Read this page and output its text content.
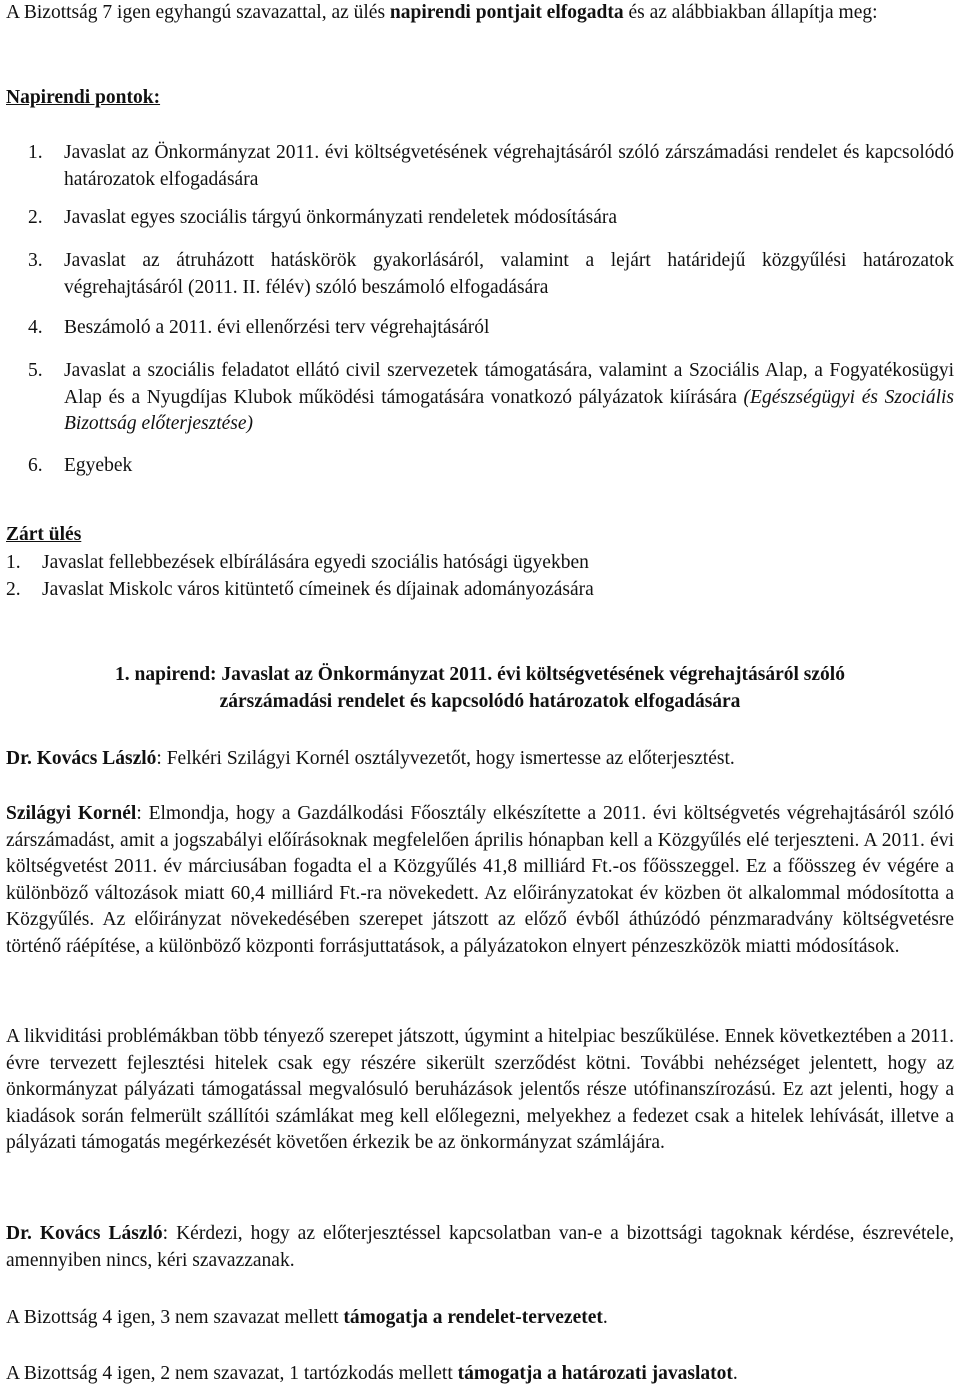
A Bizottság 7 igen egyhangú szavazattal, az ülés napirendi pontjait elfogadta és az alábbiakban állapítja meg:

Napirendi pontok:

1.	Javaslat az Önkormányzat 2011. évi költségvetésének végrehajtásáról szóló zárszámadási rendelet és kapcsolódó határozatok elfogadására
2.	Javaslat egyes szociális tárgyú önkormányzati rendeletek módosítására
3.	Javaslat az átruházott hatáskörök gyakorlásáról, valamint a lejárt határidejű közgyűlési határozatok végrehajtásáról (2011. II. félév) szóló beszámoló elfogadására
4.	Beszámoló a 2011. évi ellenőrzési terv végrehajtásáról
5.	Javaslat a szociális feladatot ellátó civil szervezetek támogatására, valamint a Szociális Alap, a Fogyatékosügyi Alap és a Nyugdíjas Klubok működési támogatására vonatkozó pályázatok kiírására (Egészségügyi és Szociális Bizottság előterjesztése)
6.	Egyebek

Zárt ülés

1.	Javaslat fellebbezések elbírálására egyedi szociális hatósági ügyekben
2.	Javaslat Miskolc város kitüntető címeinek és díjainak adományozására
1. napirend: Javaslat az Önkormányzat 2011. évi költségvetésének végrehajtásáról szóló
zárszámadási rendelet és kapcsolódó határozatok elfogadására

Dr. Kovács László: Felkéri Szilágyi Kornél osztályvezetőt, hogy ismertesse az előterjesztést.

Szilágyi Kornél: Elmondja, hogy a Gazdálkodási Főosztály elkészítette a 2011. évi költségvetés végrehajtásáról szóló zárszámadást, amit a jogszabályi előírásoknak megfelelően április hónapban kell a Közgyűlés elé terjeszteni. A 2011. évi költségvetést 2011. év márciusában fogadta el a Közgyűlés 41,8 milliárd Ft.-os főösszeggel. Ez a főösszeg év végére a különböző változások miatt 60,4 milliárd Ft.-ra növekedett. Az előirányzatokat év közben öt alkalommal módosította a Közgyűlés. Az előirányzat növekedésében szerepet játszott az előző évből áthúzódó pénzmaradvány költségvetésre történő ráépítése, a különböző központi forrásjuttatások, a pályázatokon elnyert pénzeszközök miatti módosítások.

A likviditási problémákban több tényező szerepet játszott, úgymint a hitelpiac beszűkülése. Ennek következtében a 2011. évre tervezett fejlesztési hitelek csak egy részére sikerült szerződést kötni. További nehézséget jelentett, hogy az önkormányzat pályázati támogatással megvalósuló beruházások jelentős része utófinanszírozású. Ez azt jelenti, hogy a kiadások során felmerült szállítói számlákat meg kell előlegezni, melyekhez a fedezet csak a hitelek lehívását, illetve a pályázati támogatás megérkezését követően érkezik be az önkormányzat számlájára.

Dr. Kovács László: Kérdezi, hogy az előterjesztéssel kapcsolatban van-e a bizottsági tagoknak kérdése, észrevétele, amennyiben nincs, kéri szavazzanak.

A Bizottság 4 igen, 3 nem szavazat mellett támogatja a rendelet-tervezetet.

A Bizottság 4 igen, 2 nem szavazat, 1 tartózkodás mellett támogatja a határozati javaslatot.
